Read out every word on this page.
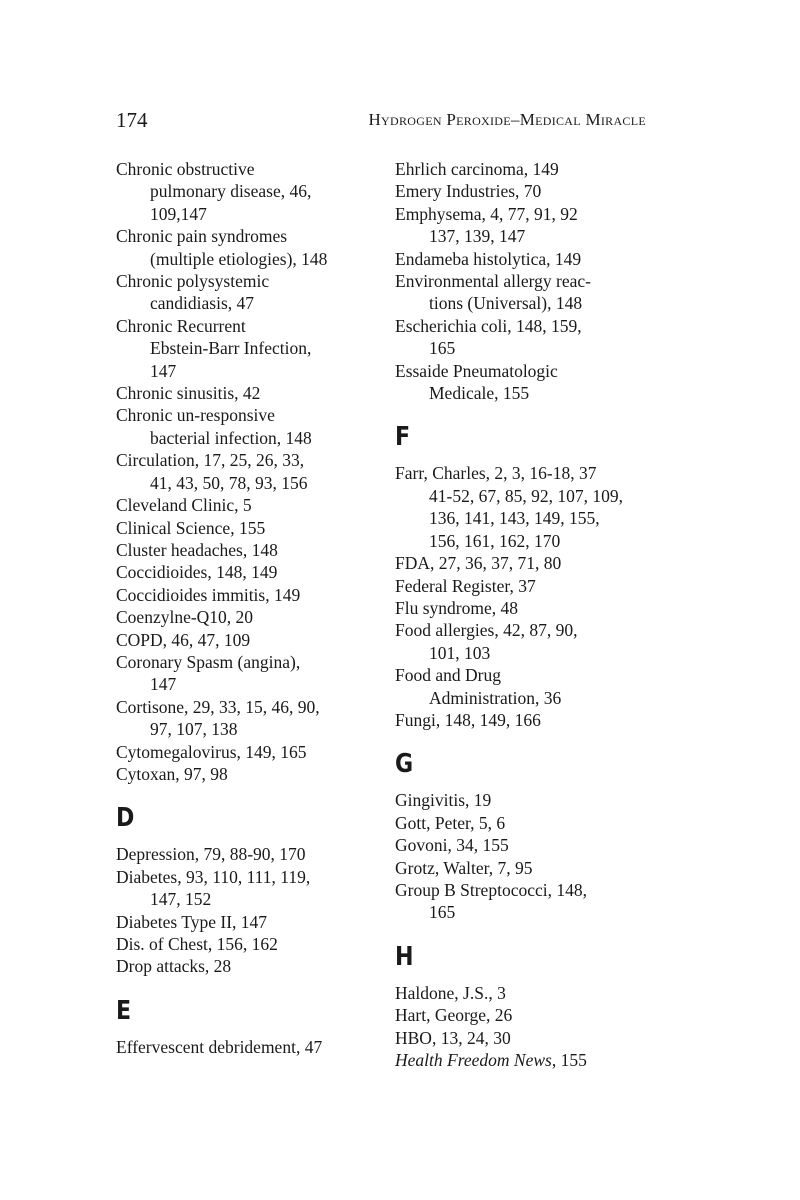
174	Hydrogen Peroxide–Medical Miracle
Chronic obstructive
pulmonary disease, 46,
109,147
Chronic pain syndromes
(multiple etiologies), 148
Chronic polysystemic
candidiasis, 47
Chronic Recurrent
Ebstein-Barr Infection,
147
Chronic sinusitis, 42
Chronic un-responsive
bacterial infection, 148
Circulation, 17, 25, 26, 33,
41, 43, 50, 78, 93, 156
Cleveland Clinic, 5
Clinical Science, 155
Cluster headaches, 148
Coccidioides, 148, 149
Coccidioides immitis, 149
Coenzylne-Q10, 20
COPD, 46, 47, 109
Coronary Spasm (angina),
147
Cortisone, 29, 33, 15, 46, 90,
97, 107, 138
Cytomegalovirus, 149, 165
Cytoxan, 97, 98
D
Depression, 79, 88-90, 170
Diabetes, 93, 110, 111, 119,
147, 152
Diabetes Type II, 147
Dis. of Chest, 156, 162
Drop attacks, 28
E
Effervescent debridement, 47
Ehrlich carcinoma, 149
Emery Industries, 70
Emphysema, 4, 77, 91, 92
137, 139, 147
Endameba histolytica, 149
Environmental allergy reac-
tions (Universal), 148
Escherichia coli, 148, 159,
165
Essaide Pneumatologic
Medicale, 155
F
Farr, Charles, 2, 3, 16-18, 37
41-52, 67, 85, 92, 107, 109,
136, 141, 143, 149, 155,
156, 161, 162, 170
FDA, 27, 36, 37, 71, 80
Federal Register, 37
Flu syndrome, 48
Food allergies, 42, 87, 90,
101, 103
Food and Drug
Administration, 36
Fungi, 148, 149, 166
G
Gingivitis, 19
Gott, Peter, 5, 6
Govoni, 34, 155
Grotz, Walter, 7, 95
Group B Streptococci, 148,
165
H
Haldone, J.S., 3
Hart, George, 26
HBO, 13, 24, 30
Health Freedom News, 155
